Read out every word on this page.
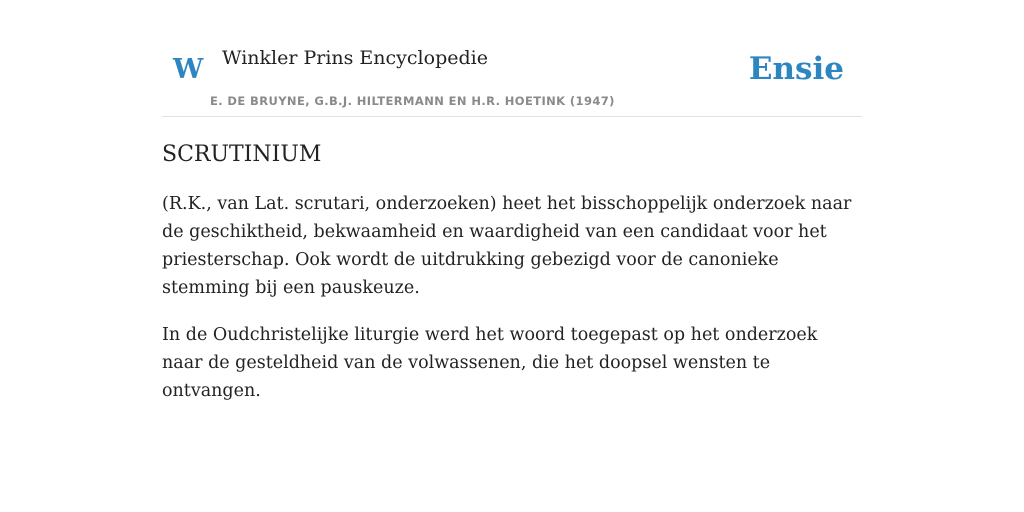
W Winkler Prins Encyclopedie
E. DE BRUYNE, G.B.J. HILTERMANN EN H.R. HOETINK (1947)
Ensie
SCRUTINIUM

(R.K., van Lat. scrutari, onderzoeken) heet het bisschoppelijk onderzoek naar de geschiktheid, bekwaamheid en waardigheid van een candidaat voor het priesterschap. Ook wordt de uitdrukking gebezigd voor de canonieke stemming bij een pauskeuze.

In de Oudchristelijke liturgie werd het woord toegepast op het onderzoek naar de gesteldheid van de volwassenen, die het doopsel wensten te ontvangen.
